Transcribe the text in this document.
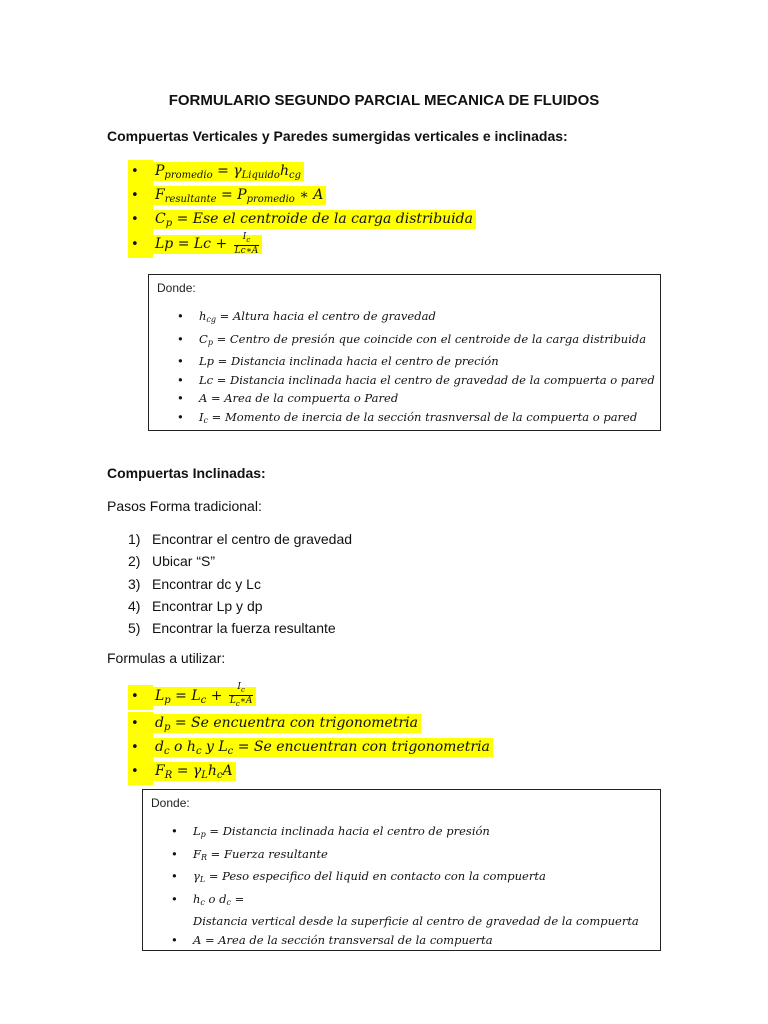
FORMULARIO SEGUNDO PARCIAL MECANICA DE FLUIDOS
Compuertas Verticales y Paredes sumergidas verticales e inclinadas:
• $P_{promedio} = \gamma_{Liquido}h_{cg}$
• $F_{resultante} = P_{promedio}$ ∗ A
• $C_p$ = Ese el centroide de la carga distribuida
• $Lp = Lc + \frac{I_c}{Lc∗A}$
Donde:
• $h_{cg}$ = Altura hacia el centro de gravedad
• $C_p$ = Centro de presión que coincide con el centroide de la carga distribuida
• Lp = Distancia inclinada hacia el centro de preción
• Lc = Distancia inclinada hacia el centro de gravedad de la compuerta o pared
• A = Area de la compuerta o Pared
• $I_c$ = Momento de inercia de la sección trasnversal de la compuerta o pared
Compuertas Inclinadas:
Pasos Forma tradicional:
1) Encontrar el centro de gravedad
2) Ubicar “S”
3) Encontrar dc y Lc
4) Encontrar Lp y dp
5) Encontrar la fuerza resultante
Formulas a utilizar:
• $L_p = L_c + \frac{I_c}{L_c∗A}$
• $d_p = Se$ encuentra con trigonometria
• $d_c$ o $h_c$ y $L_c = Se$ encuentran con trigonometria
• $F_R = \gamma_Lh_cA$
Donde:
• $L_p$ = Distancia inclinada hacia el centro de presión
• $F_R$ = Fuerza resultante
• $\gamma_L$ = Peso especifico del liquid en contacto con la compuerta
• $h_c$ o $d_c$ =
Distancia vertical desde la superficie al centro de gravedad de la compuerta
• A = Area de la sección transversal de la compuerta
